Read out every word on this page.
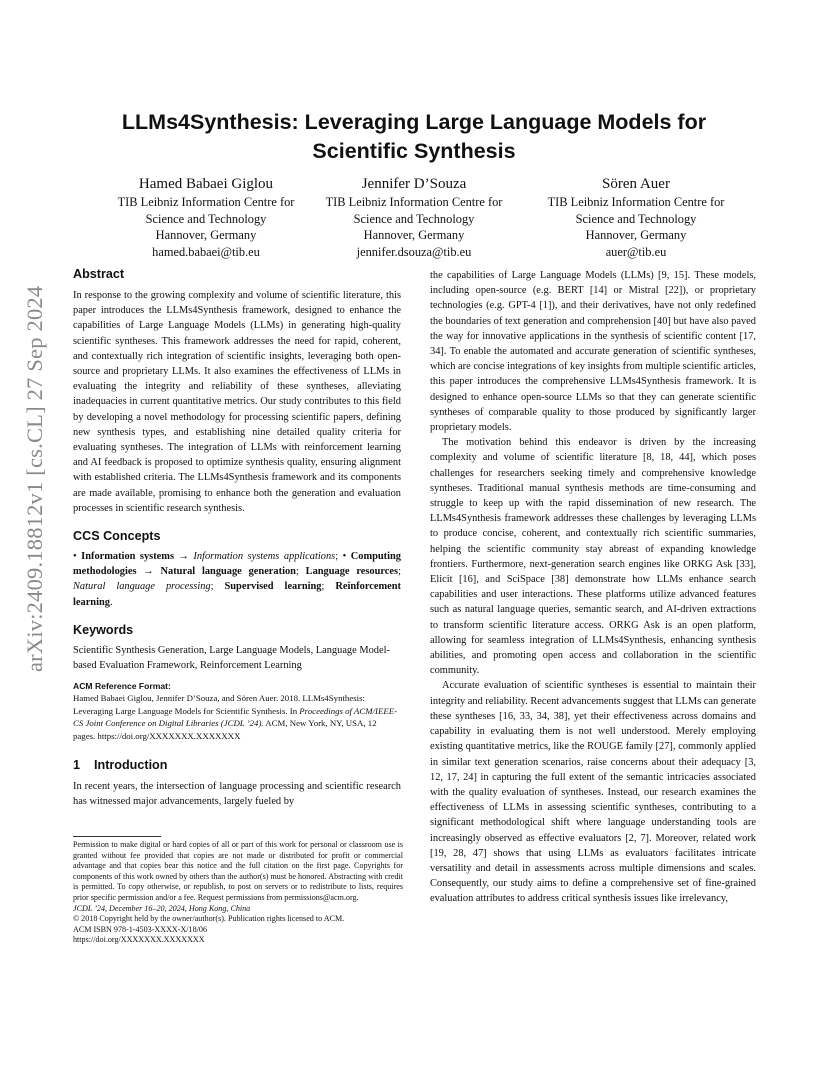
arXiv:2409.18812v1 [cs.CL] 27 Sep 2024
LLMs4Synthesis: Leveraging Large Language Models for
Scientific Synthesis
Hamed Babaei Giglou
TIB Leibniz Information Centre for
Science and Technology
Hannover, Germany
hamed.babaei@tib.eu
Jennifer D’Souza
TIB Leibniz Information Centre for
Science and Technology
Hannover, Germany
jennifer.dsouza@tib.eu
Sören Auer
TIB Leibniz Information Centre for
Science and Technology
Hannover, Germany
auer@tib.eu
Abstract

In response to the growing complexity and volume of scientific literature, this paper introduces the LLMs4Synthesis framework, designed to enhance the capabilities of Large Language Models (LLMs) in generating high-quality scientific syntheses. This framework addresses the need for rapid, coherent, and contextually rich integration of scientific insights, leveraging both open-source and proprietary LLMs. It also examines the effectiveness of LLMs in evaluating the integrity and reliability of these syntheses, alleviating inadequacies in current quantitative metrics. Our study contributes to this field by developing a novel methodology for processing scientific papers, defining new synthesis types, and establishing nine detailed quality criteria for evaluating syntheses. The integration of LLMs with reinforcement learning and AI feedback is proposed to optimize synthesis quality, ensuring alignment with established criteria. The LLMs4Synthesis framework and its components are made available, promising to enhance both the generation and evaluation processes in scientific research synthesis.

CCS Concepts

• Information systems → Information systems applications; • Computing methodologies → Natural language generation; Language resources; Natural language processing; Supervised learning; Reinforcement learning.

Keywords

Scientific Synthesis Generation, Large Language Models, Language Model-based Evaluation Framework, Reinforcement Learning

ACM Reference Format:

Hamed Babaei Giglou, Jennifer D’Souza, and Sören Auer. 2018. LLMs4Synthesis: Leveraging Large Language Models for Scientific Synthesis. In Proceedings of ACM/IEEE-CS Joint Conference on Digital Libraries (JCDL ’24). ACM, New York, NY, USA, 12 pages. https://doi.org/XXXXXXX.XXXXXXX

1    Introduction

In recent years, the intersection of language processing and scientific research has witnessed major advancements, largely fueled by

Permission to make digital or hard copies of all or part of this work for personal or classroom use is granted without fee provided that copies are not made or distributed for profit or commercial advantage and that copies bear this notice and the full citation on the first page. Copyrights for components of this work owned by others than the author(s) must be honored. Abstracting with credit is permitted. To copy otherwise, or republish, to post on servers or to redistribute to lists, requires prior specific permission and/or a fee. Request permissions from permissions@acm.org.

JCDL ’24, December 16–20, 2024, Hong Kong, China

© 2018 Copyright held by the owner/author(s). Publication rights licensed to ACM.

ACM ISBN 978-1-4503-XXXX-X/18/06

https://doi.org/XXXXXXX.XXXXXXX

the capabilities of Large Language Models (LLMs) [9, 15]. These models, including open-source (e.g. BERT [14] or Mistral [22]), or proprietary technologies (e.g. GPT-4 [1]), and their derivatives, have not only redefined the boundaries of text generation and comprehension [40] but have also paved the way for innovative applications in the synthesis of scientific content [17, 34]. To enable the automated and accurate generation of scientific syntheses, which are concise integrations of key insights from multiple scientific articles, this paper introduces the comprehensive LLMs4Synthesis framework. It is designed to enhance open-source LLMs so that they can generate scientific syntheses of comparable quality to those produced by significantly larger proprietary models.

The motivation behind this endeavor is driven by the increasing complexity and volume of scientific literature [8, 18, 44], which poses challenges for researchers seeking timely and comprehensive knowledge syntheses. Traditional manual synthesis methods are time-consuming and struggle to keep up with the rapid dissemination of new research. The LLMs4Synthesis framework addresses these challenges by leveraging LLMs to produce concise, coherent, and contextually rich scientific summaries, helping the scientific community stay abreast of expanding knowledge frontiers. Furthermore, next-generation search engines like ORKG Ask [33], Elicit [16], and SciSpace [38] demonstrate how LLMs enhance search capabilities and user interactions. These platforms utilize advanced features such as natural language queries, semantic search, and AI-driven extractions to transform scientific literature access. ORKG Ask is an open platform, allowing for seamless integration of LLMs4Synthesis, enhancing synthesis abilities, and promoting open access and collaboration in the scientific community.

Accurate evaluation of scientific syntheses is essential to maintain their integrity and reliability. Recent advancements suggest that LLMs can generate these syntheses [16, 33, 34, 38], yet their effectiveness across domains and capability in evaluating them is not well understood. Merely employing existing quantitative metrics, like the ROUGE family [27], commonly applied in similar text generation scenarios, raise concerns about their adequacy [3, 12, 17, 24] in capturing the full extent of the semantic intricacies associated with the quality evaluation of syntheses. Instead, our research examines the effectiveness of LLMs in assessing scientific syntheses, contributing to a significant methodological shift where language understanding tools are increasingly observed as effective evaluators [2, 7]. Moreover, related work [19, 28, 47] shows that using LLMs as evaluators facilitates intricate versatility and detail in assessments across multiple dimensions and scales. Consequently, our study aims to define a comprehensive set of fine-grained evaluation attributes to address critical synthesis issues like irrelevancy,
